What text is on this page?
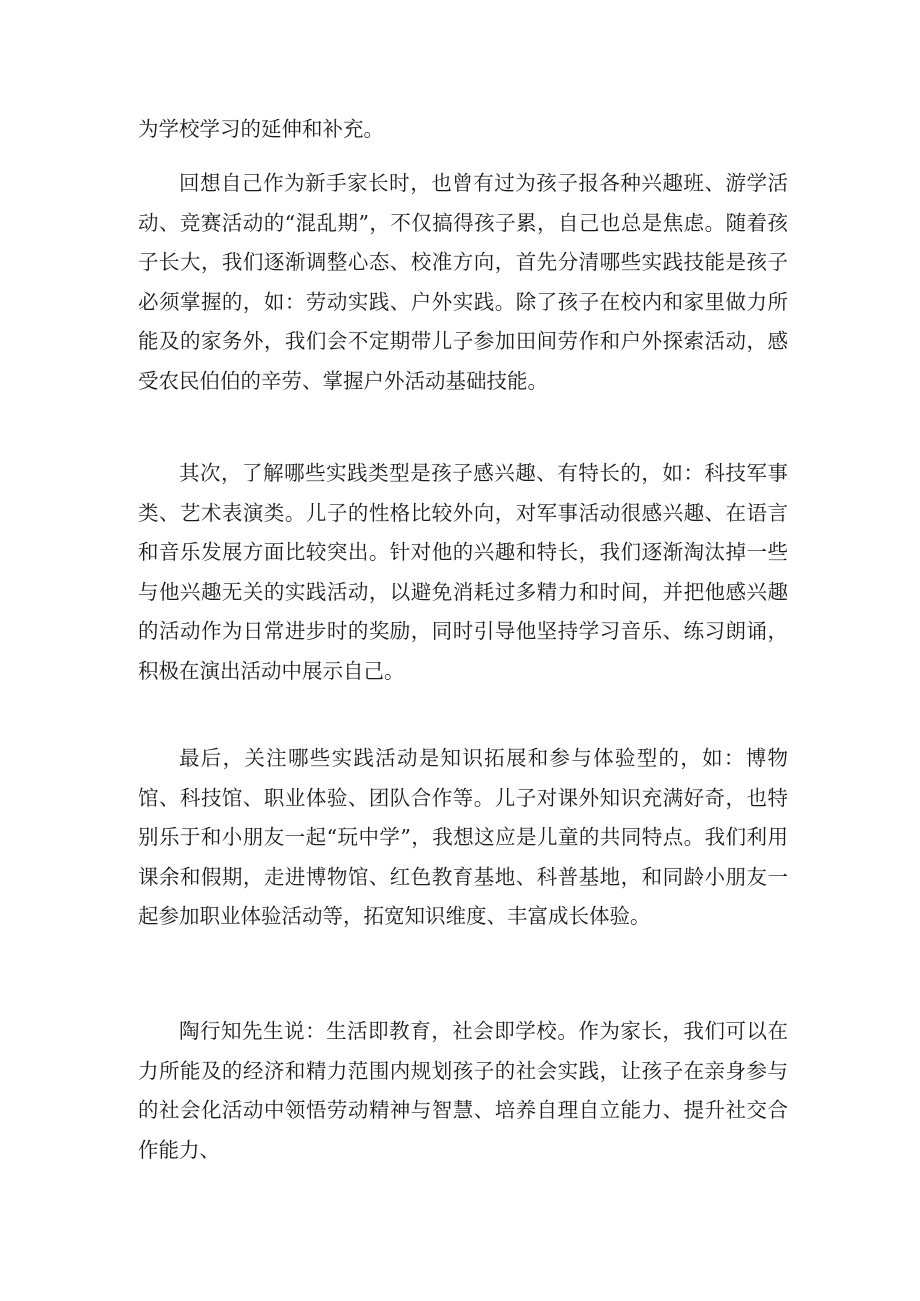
为学校学习的延伸和补充。

回想自己作为新手家长时，也曾有过为孩子报各种兴趣班、游学活动、竞赛活动的“混乱期”，不仅搞得孩子累，自己也总是焦虑。随着孩子长大，我们逐渐调整心态、校准方向，首先分清哪些实践技能是孩子必须掌握的，如：劳动实践、户外实践。除了孩子在校内和家里做力所能及的家务外，我们会不定期带儿子参加田间劳作和户外探索活动，感受农民伯伯的辛劳、掌握户外活动基础技能。

其次，了解哪些实践类型是孩子感兴趣、有特长的，如：科技军事类、艺术表演类。儿子的性格比较外向，对军事活动很感兴趣、在语言和音乐发展方面比较突出。针对他的兴趣和特长，我们逐渐淘汰掉一些与他兴趣无关的实践活动，以避免消耗过多精力和时间，并把他感兴趣的活动作为日常进步时的奖励，同时引导他坚持学习音乐、练习朗诵，积极在演出活动中展示自己。

最后，关注哪些实践活动是知识拓展和参与体验型的，如：博物馆、科技馆、职业体验、团队合作等。儿子对课外知识充满好奇，也特别乐于和小朋友一起“玩中学”，我想这应是儿童的共同特点。我们利用课余和假期，走进博物馆、红色教育基地、科普基地，和同龄小朋友一起参加职业体验活动等，拓宽知识维度、丰富成长体验。

陶行知先生说：生活即教育，社会即学校。作为家长，我们可以在力所能及的经济和精力范围内规划孩子的社会实践，让孩子在亲身参与的社会化活动中领悟劳动精神与智慧、培养自理自立能力、提升社交合作能力、
